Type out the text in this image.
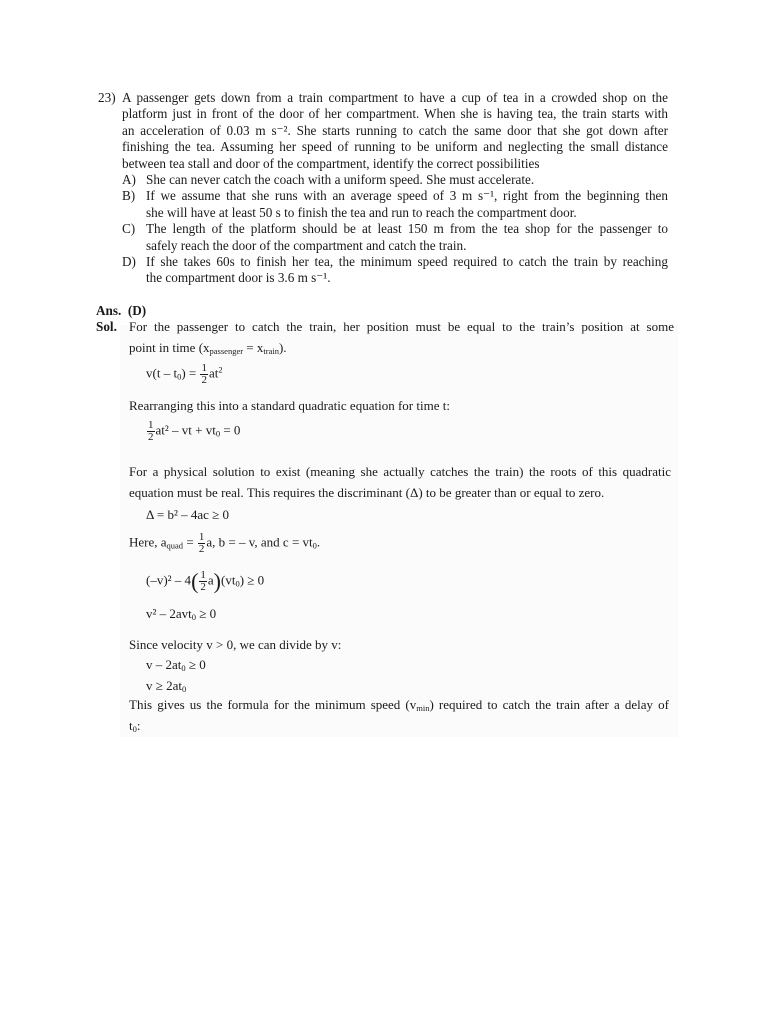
23) A passenger gets down from a train compartment to have a cup of tea in a crowded shop on the
platform just in front of the door of her compartment. When she is having tea, the train starts with
an acceleration of 0.03 m s⁻². She starts running to catch the same door that she got down after
finishing the tea. Assuming her speed of running to be uniform and neglecting the small distance
between tea stall and door of the compartment, identify the correct possibilities
A) She can never catch the coach with a uniform speed. She must accelerate.
B) If we assume that she runs with an average speed of 3 m s⁻¹, right from the beginning then
she will have at least 50 s to finish the tea and run to reach the compartment door.
C) The length of the platform should be at least 150 m from the tea shop for the passenger to
safely reach the door of the compartment and catch the train.
D) If she takes 60s to finish her tea, the minimum speed required to catch the train by reaching
the compartment door is 3.6 m s⁻¹.
Ans. (D)
Sol. For the passenger to catch the train, her position must be equal to the train’s position at some
point in time $(x_{passenger} = x_{train})$.
$v(t - t_0) = \frac{1}{2} at^2$
Rearranging this into a standard quadratic equation for time t:
$\frac{1}{2} at^2$ – vt + $vt_0 = 0$
For a physical solution to exist (meaning she actually catches the train) the roots of this quadratic
equation must be real. This requires the discriminant (Δ) to be greater than or equal to zero.
Δ = b² – 4ac ≥ 0
Here, $a_{quad} = \frac{1}{2} a$, b = – v, and $c = vt_0$.
$(-v)^2 - 4( \frac{1}{2} a)(vt_0) \ge 0$
v² – 2avt$_0$ ≥ 0
Since velocity v > 0, we can divide by v:
$v - 2at_0 \ge 0$
$v \ge 2at_0$
This gives us the formula for the minimum speed $(v_{min})$ required to catch the train after a delay of
$t_0$:
